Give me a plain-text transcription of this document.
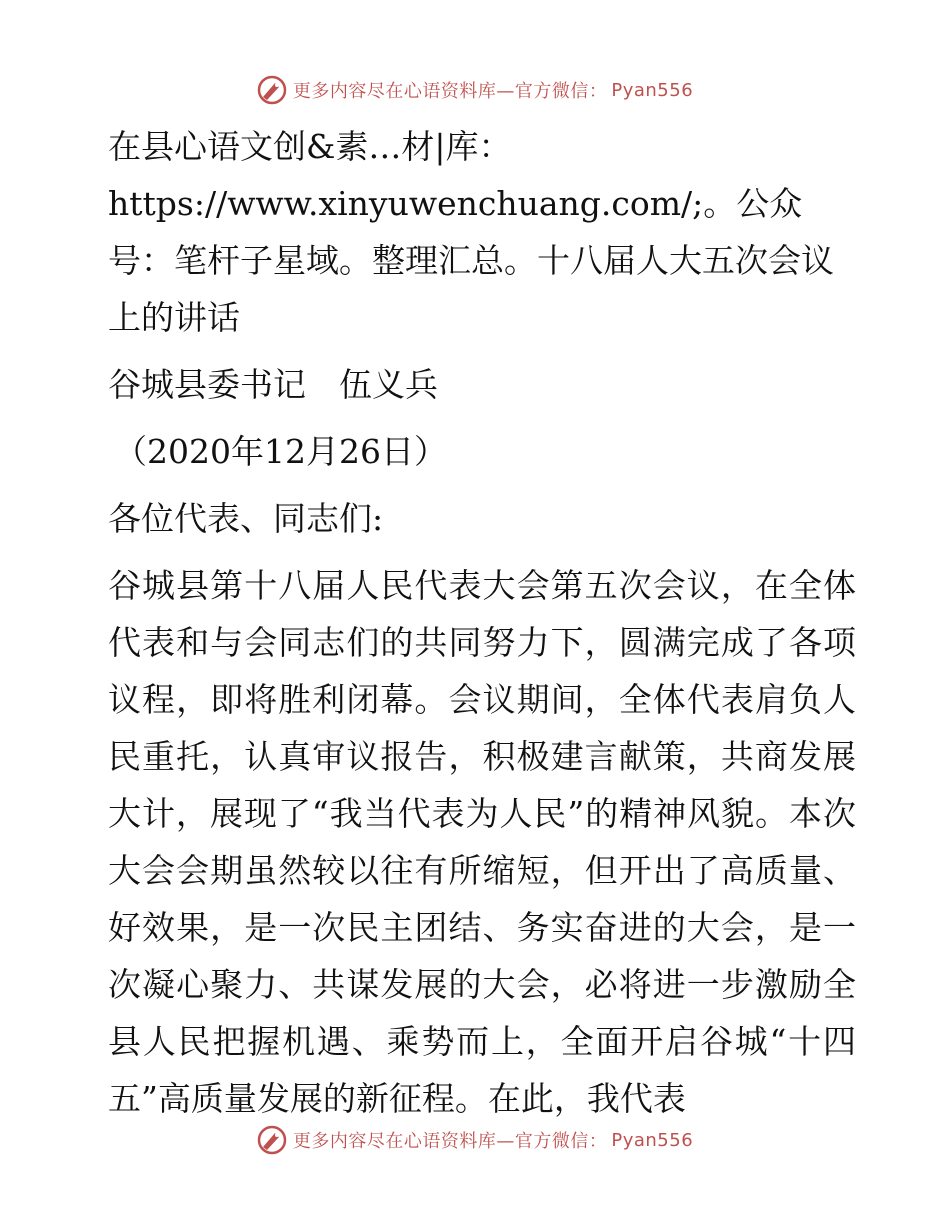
更多内容尽在心语资料库—官方微信： Pyan556

在县心语文创&素…材|库：https://www.xinyuwenchuang.com/;。公众号：笔杆子星域。整理汇总。十八届人大五次会议上的讲话

谷城县委书记　伍义兵

（2020年12月26日）

各位代表、同志们:

谷城县第十八届人民代表大会第五次会议，在全体代表和与会同志们的共同努力下，圆满完成了各项议程，即将胜利闭幕。会议期间，全体代表肩负人民重托，认真审议报告，积极建言献策，共商发展大计，展现了“我当代表为人民”的精神风貌。本次大会会期虽然较以往有所缩短，但开出了高质量、好效果，是一次民主团结、务实奋进的大会，是一次凝心聚力、共谋发展的大会，必将进一步激励全县人民把握机遇、乘势而上，全面开启谷城“十四五”高质量发展的新征程。在此，我代表

更多内容尽在心语资料库—官方微信： Pyan556
